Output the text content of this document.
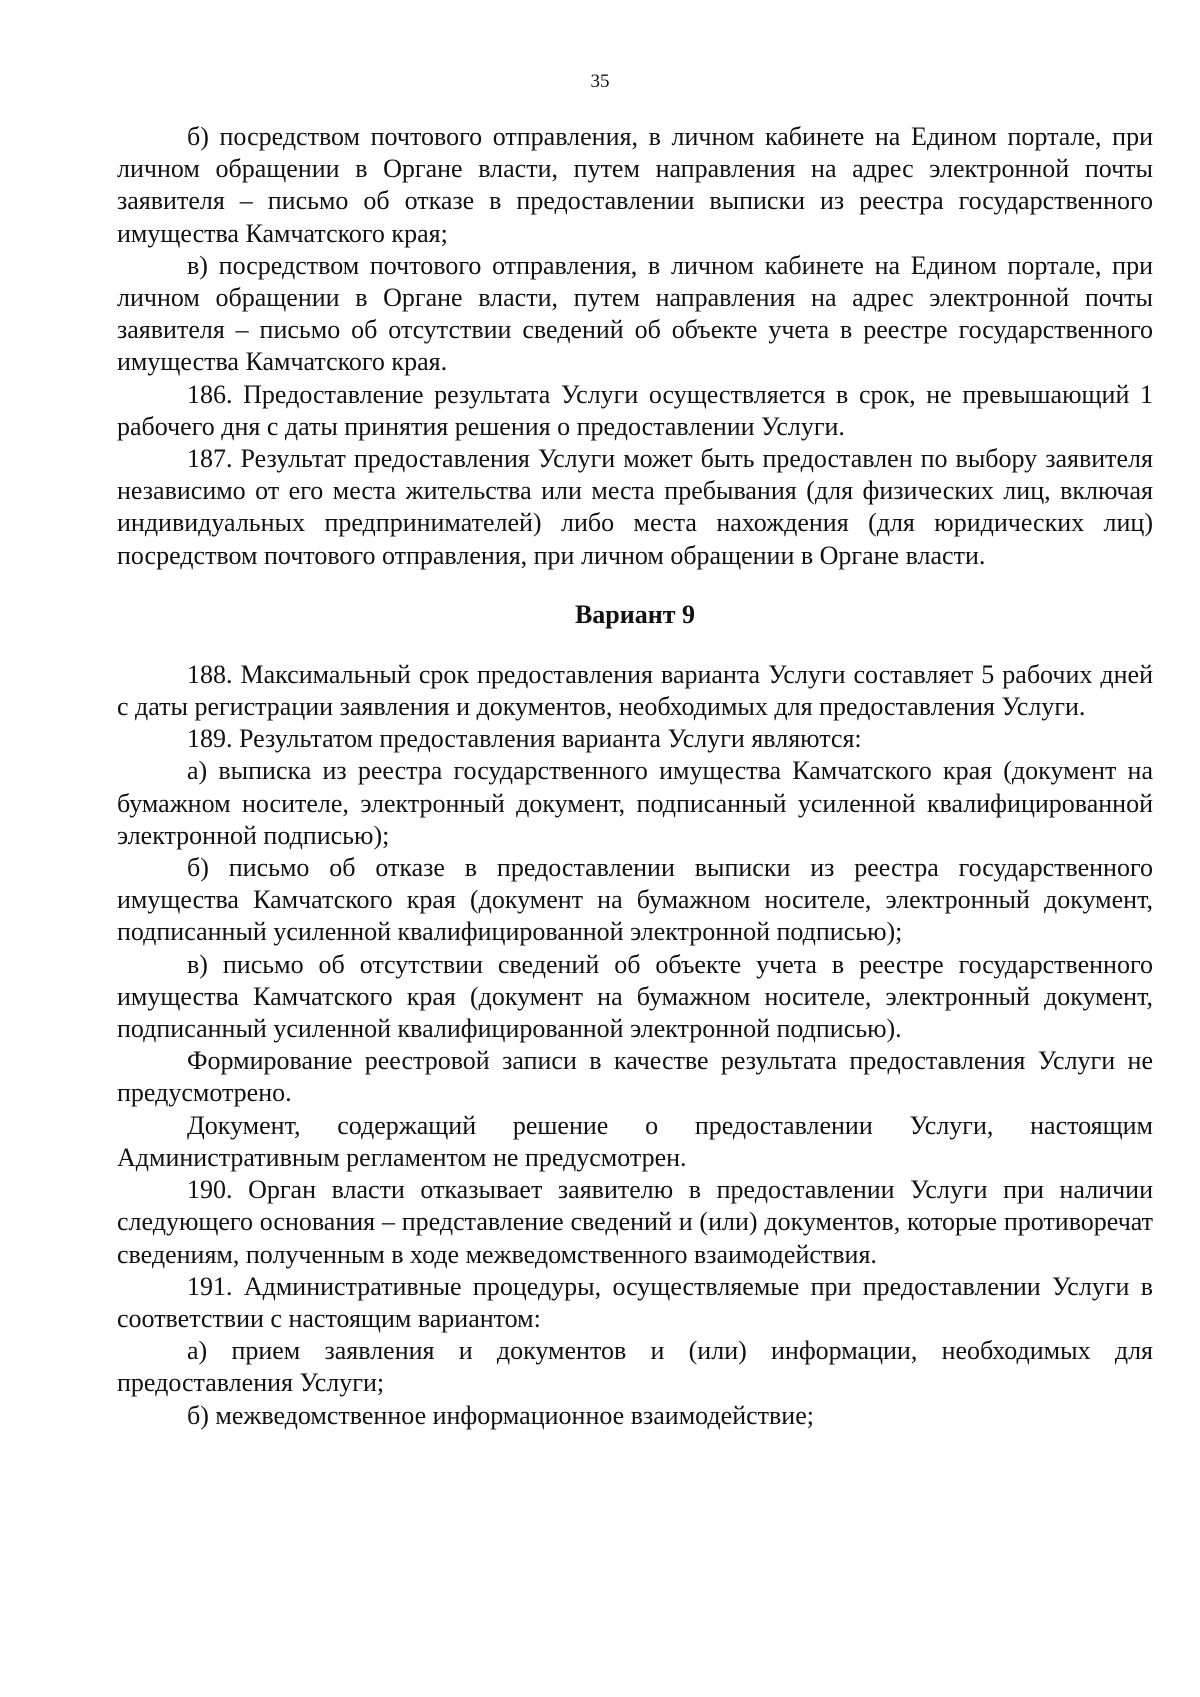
35

б) посредством почтового отправления, в личном кабинете на Едином портале, при личном обращении в Органе власти, путем направления на адрес электронной почты заявителя – письмо об отказе в предоставлении выписки из реестра государственного имущества Камчатского края;

в) посредством почтового отправления, в личном кабинете на Едином портале, при личном обращении в Органе власти, путем направления на адрес электронной почты заявителя – письмо об отсутствии сведений об объекте учета в реестре государственного имущества Камчатского края.

186. Предоставление результата Услуги осуществляется в срок, не превышающий 1 рабочего дня с даты принятия решения о предоставлении Услуги.

187. Результат предоставления Услуги может быть предоставлен по выбору заявителя независимо от его места жительства или места пребывания (для физических лиц, включая индивидуальных предпринимателей) либо места нахождения (для юридических лиц) посредством почтового отправления, при личном обращении в Органе власти.

Вариант 9

188. Максимальный срок предоставления варианта Услуги составляет 5 рабочих дней с даты регистрации заявления и документов, необходимых для предоставления Услуги.

189. Результатом предоставления варианта Услуги являются:

а) выписка из реестра государственного имущества Камчатского края (документ на бумажном носителе, электронный документ, подписанный усиленной квалифицированной электронной подписью);

б) письмо об отказе в предоставлении выписки из реестра государственного имущества Камчатского края (документ на бумажном носителе, электронный документ, подписанный усиленной квалифицированной электронной подписью);

в) письмо об отсутствии сведений об объекте учета в реестре государственного имущества Камчатского края (документ на бумажном носителе, электронный документ, подписанный усиленной квалифицированной электронной подписью).

Формирование реестровой записи в качестве результата предоставления Услуги не предусмотрено.

Документ, содержащий решение о предоставлении Услуги, настоящим Административным регламентом не предусмотрен.

190. Орган власти отказывает заявителю в предоставлении Услуги при наличии следующего основания – представление сведений и (или) документов, которые противоречат сведениям, полученным в ходе межведомственного взаимодействия.

191. Административные процедуры, осуществляемые при предоставлении Услуги в соответствии с настоящим вариантом:

а) прием заявления и документов и (или) информации, необходимых для предоставления Услуги;

б) межведомственное информационное взаимодействие;
